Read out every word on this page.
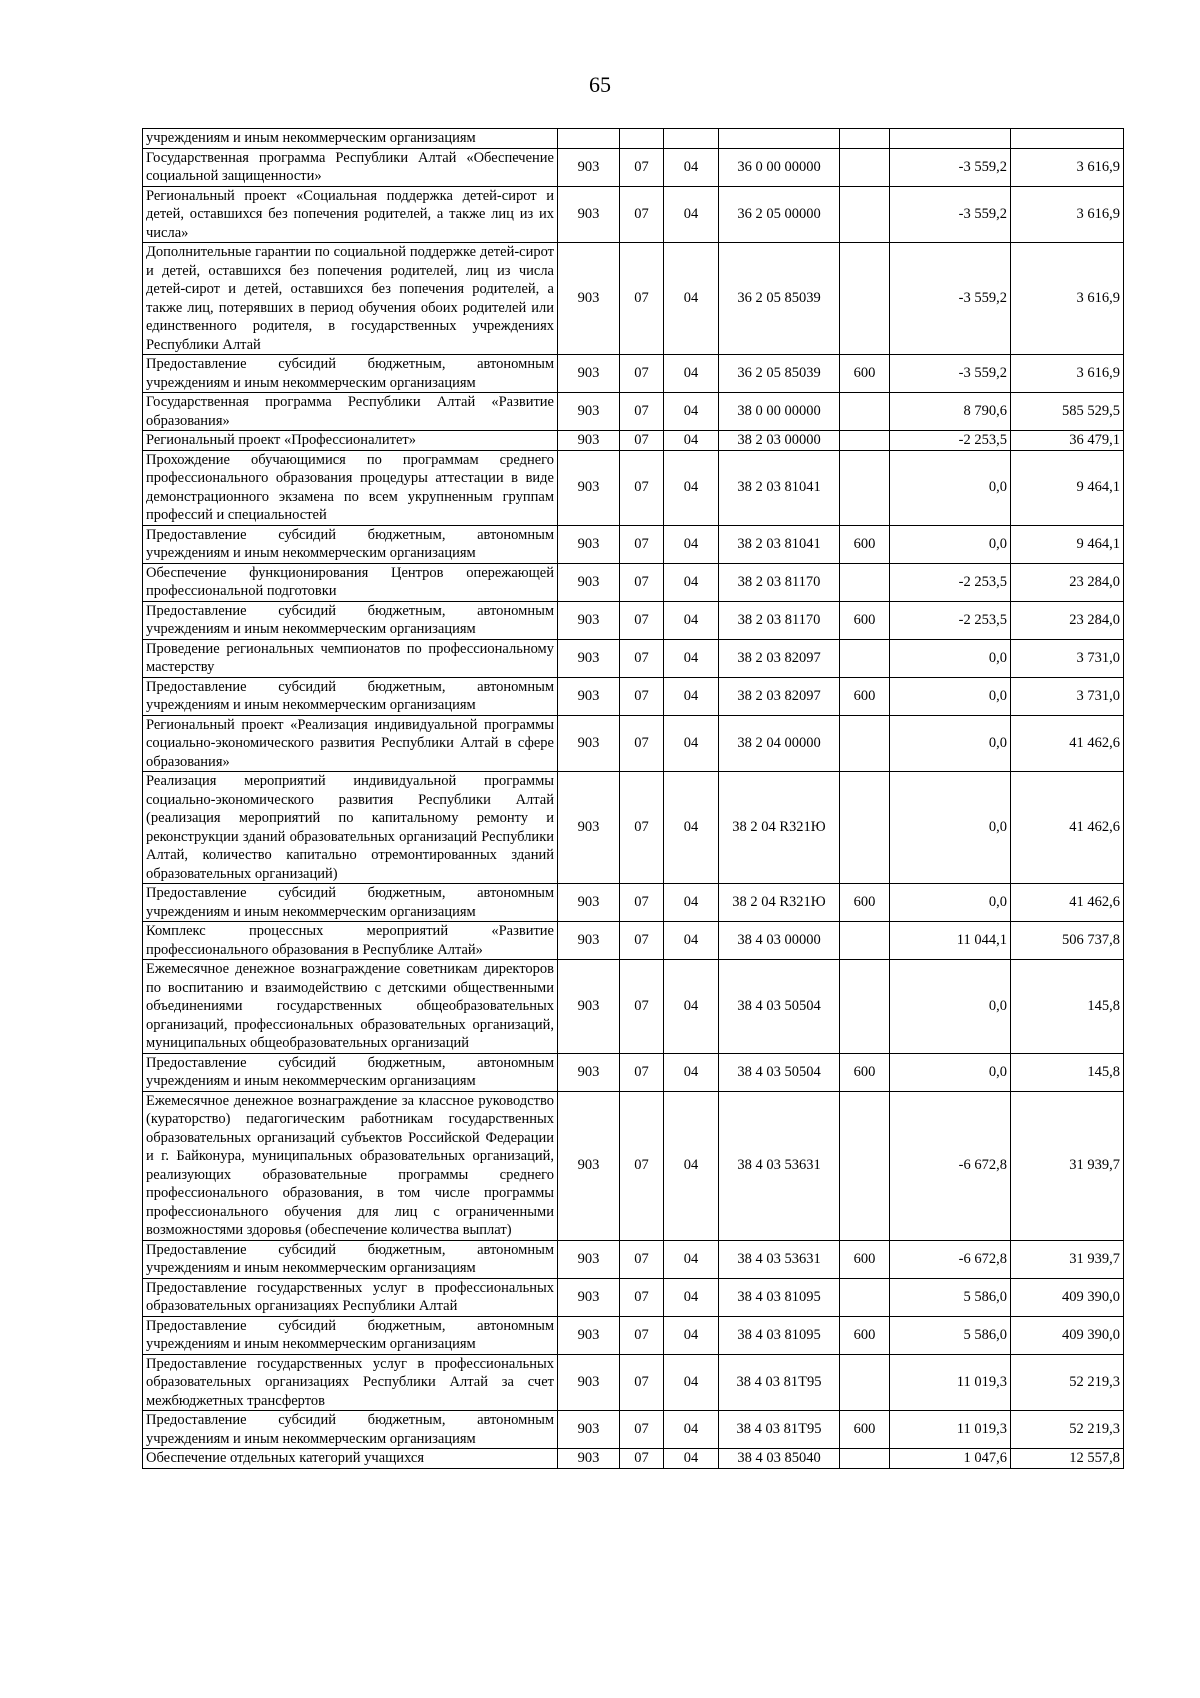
65
учреждениям и иным некоммерческим организациям							
Государственная программа Республики Алтай «Обеспечение социальной защищенности»	903	07	04	36 0 00 00000		-3 559,2	3 616,9
Региональный проект «Социальная поддержка детей-сирот и детей, оставшихся без попечения родителей, а также лиц из их числа»	903	07	04	36 2 05 00000		-3 559,2	3 616,9
Дополнительные гарантии по социальной поддержке детей-сирот и детей, оставшихся без попечения родителей, лиц из числа детей-сирот и детей, оставшихся без попечения родителей, а также лиц, потерявших в период обучения обоих родителей или единственного родителя, в государственных учреждениях Республики Алтай	903	07	04	36 2 05 85039		-3 559,2	3 616,9
Предоставление субсидий бюджетным, автономным учреждениям и иным некоммерческим организациям	903	07	04	36 2 05 85039	600	-3 559,2	3 616,9
Государственная программа Республики Алтай «Развитие образования»	903	07	04	38 0 00 00000		8 790,6	585 529,5
Региональный проект «Профессионалитет»	903	07	04	38 2 03 00000		-2 253,5	36 479,1
Прохождение обучающимися по программам среднего профессионального образования процедуры аттестации в виде демонстрационного экзамена по всем укрупненным группам профессий и специальностей	903	07	04	38 2 03 81041		0,0	9 464,1
Предоставление субсидий бюджетным, автономным учреждениям и иным некоммерческим организациям	903	07	04	38 2 03 81041	600	0,0	9 464,1
Обеспечение функционирования Центров опережающей профессиональной подготовки	903	07	04	38 2 03 81170		-2 253,5	23 284,0
Предоставление субсидий бюджетным, автономным учреждениям и иным некоммерческим организациям	903	07	04	38 2 03 81170	600	-2 253,5	23 284,0
Проведение региональных чемпионатов по профессиональному мастерству	903	07	04	38 2 03 82097		0,0	3 731,0
Предоставление субсидий бюджетным, автономным учреждениям и иным некоммерческим организациям	903	07	04	38 2 03 82097	600	0,0	3 731,0
Региональный проект «Реализация индивидуальной программы социально-экономического развития Республики Алтай в сфере образования»	903	07	04	38 2 04 00000		0,0	41 462,6
Реализация мероприятий индивидуальной программы социально-экономического развития Республики Алтай (реализация мероприятий по капитальному ремонту и реконструкции зданий образовательных организаций Республики Алтай, количество капитально отремонтированных зданий образовательных организаций)	903	07	04	38 2 04 R321Ю		0,0	41 462,6
Предоставление субсидий бюджетным, автономным учреждениям и иным некоммерческим организациям	903	07	04	38 2 04 R321Ю	600	0,0	41 462,6
Комплекс процессных мероприятий «Развитие профессионального образования в Республике Алтай»	903	07	04	38 4 03 00000		11 044,1	506 737,8
Ежемесячное денежное вознаграждение советникам директоров по воспитанию и взаимодействию с детскими общественными объединениями государственных общеобразовательных организаций, профессиональных образовательных организаций, муниципальных общеобразовательных организаций	903	07	04	38 4 03 50504		0,0	145,8
Предоставление субсидий бюджетным, автономным учреждениям и иным некоммерческим организациям	903	07	04	38 4 03 50504	600	0,0	145,8
Ежемесячное денежное вознаграждение за классное руководство (кураторство) педагогическим работникам государственных образовательных организаций субъектов Российской Федерации и г. Байконура, муниципальных образовательных организаций, реализующих образовательные программы среднего профессионального образования, в том числе программы профессионального обучения для лиц с ограниченными возможностями здоровья (обеспечение количества выплат)	903	07	04	38 4 03 53631		-6 672,8	31 939,7
Предоставление субсидий бюджетным, автономным учреждениям и иным некоммерческим организациям	903	07	04	38 4 03 53631	600	-6 672,8	31 939,7
Предоставление государственных услуг в профессиональных образовательных организациях Республики Алтай	903	07	04	38 4 03 81095		5 586,0	409 390,0
Предоставление субсидий бюджетным, автономным учреждениям и иным некоммерческим организациям	903	07	04	38 4 03 81095	600	5 586,0	409 390,0
Предоставление государственных услуг в профессиональных образовательных организациях Республики Алтай за счет межбюджетных трансфертов	903	07	04	38 4 03 81Т95		11 019,3	52 219,3
Предоставление субсидий бюджетным, автономным учреждениям и иным некоммерческим организациям	903	07	04	38 4 03 81Т95	600	11 019,3	52 219,3
Обеспечение отдельных категорий учащихся	903	07	04	38 4 03 85040		1 047,6	12 557,8
